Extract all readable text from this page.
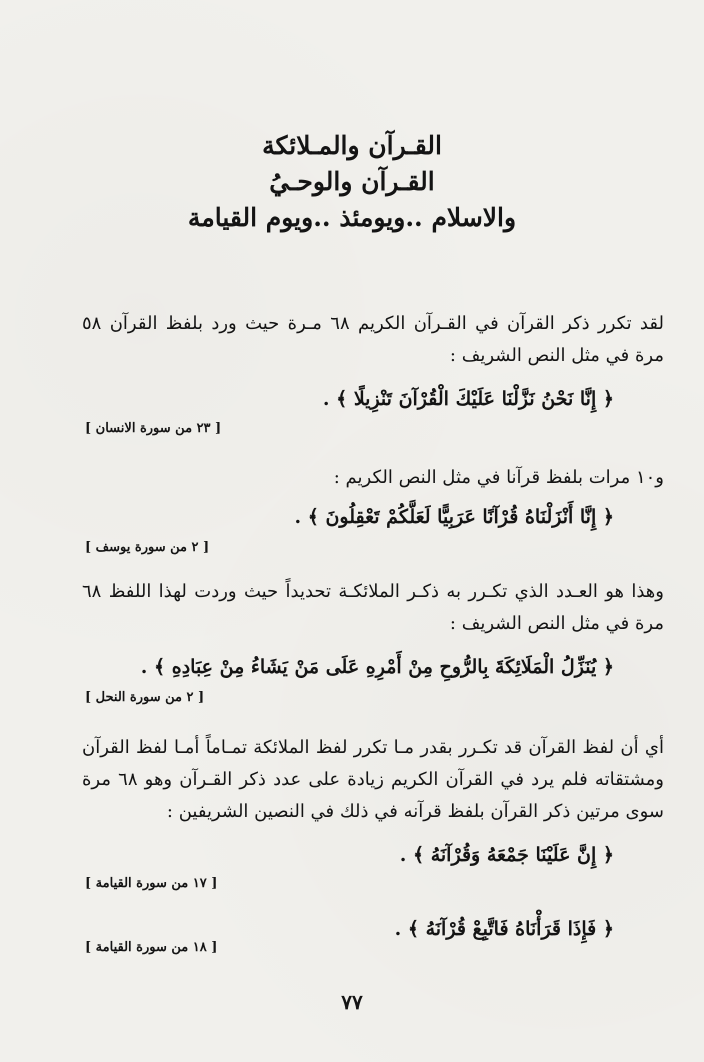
القـرآن والمـلائكة
القـرآن والوحـيُ
والاسلام ..ويومئذ ..ويوم القيامة
لقد تكرر ذكر القرآن في القـرآن الكريم ٦٨ مـرة حيث ورد بلفظ القرآن ٥٨ مرة في مثل النص الشريف :
﴿ إِنَّا نَحْنُ نَزَّلْنَا عَلَيْكَ الْقُرْآنَ تَنْزِيلًا ﴾ .
[ ٢٣ من سورة الانسان ]
و١٠ مرات بلفظ قرآنا في مثل النص الكريم :
﴿ إِنَّا أَنْزَلْنَاهُ قُرْآنًا عَرَبِيًّا لَعَلَّكُمْ تَعْقِلُونَ ﴾ .
[ ٢ من سورة يوسف ]
وهذا هو العـدد الذي تكـرر به ذكـر الملائكـة تحديداً حيث وردت لهذا اللفظ ٦٨ مرة في مثل النص الشريف :
﴿ يُنَزِّلُ الْمَلَائِكَةَ بِالرُّوحِ مِنْ أَمْرِهِ عَلَى مَنْ يَشَاءُ مِنْ عِبَادِهِ ﴾ .
[ ٢ من سورة النحل ]
أي أن لفظ القرآن قد تكـرر بقدر مـا تكرر لفظ الملائكة تمـاماً أمـا لفظ القرآن ومشتقاته فلم يرد في القرآن الكريم زيادة على عدد ذكر القـرآن وهو ٦٨ مرة سوى مرتين ذكر القرآن بلفظ قرآنه في ذلك في النصين الشريفين :
﴿ إِنَّ عَلَيْنَا جَمْعَهُ وَقُرْآنَهُ ﴾ .
[ ١٧ من سورة القيامة ]
﴿ فَإِذَا قَرَأْنَاهُ فَاتَّبِعْ قُرْآنَهُ ﴾ .
[ ١٨ من سورة القيامة ]
٧٧
